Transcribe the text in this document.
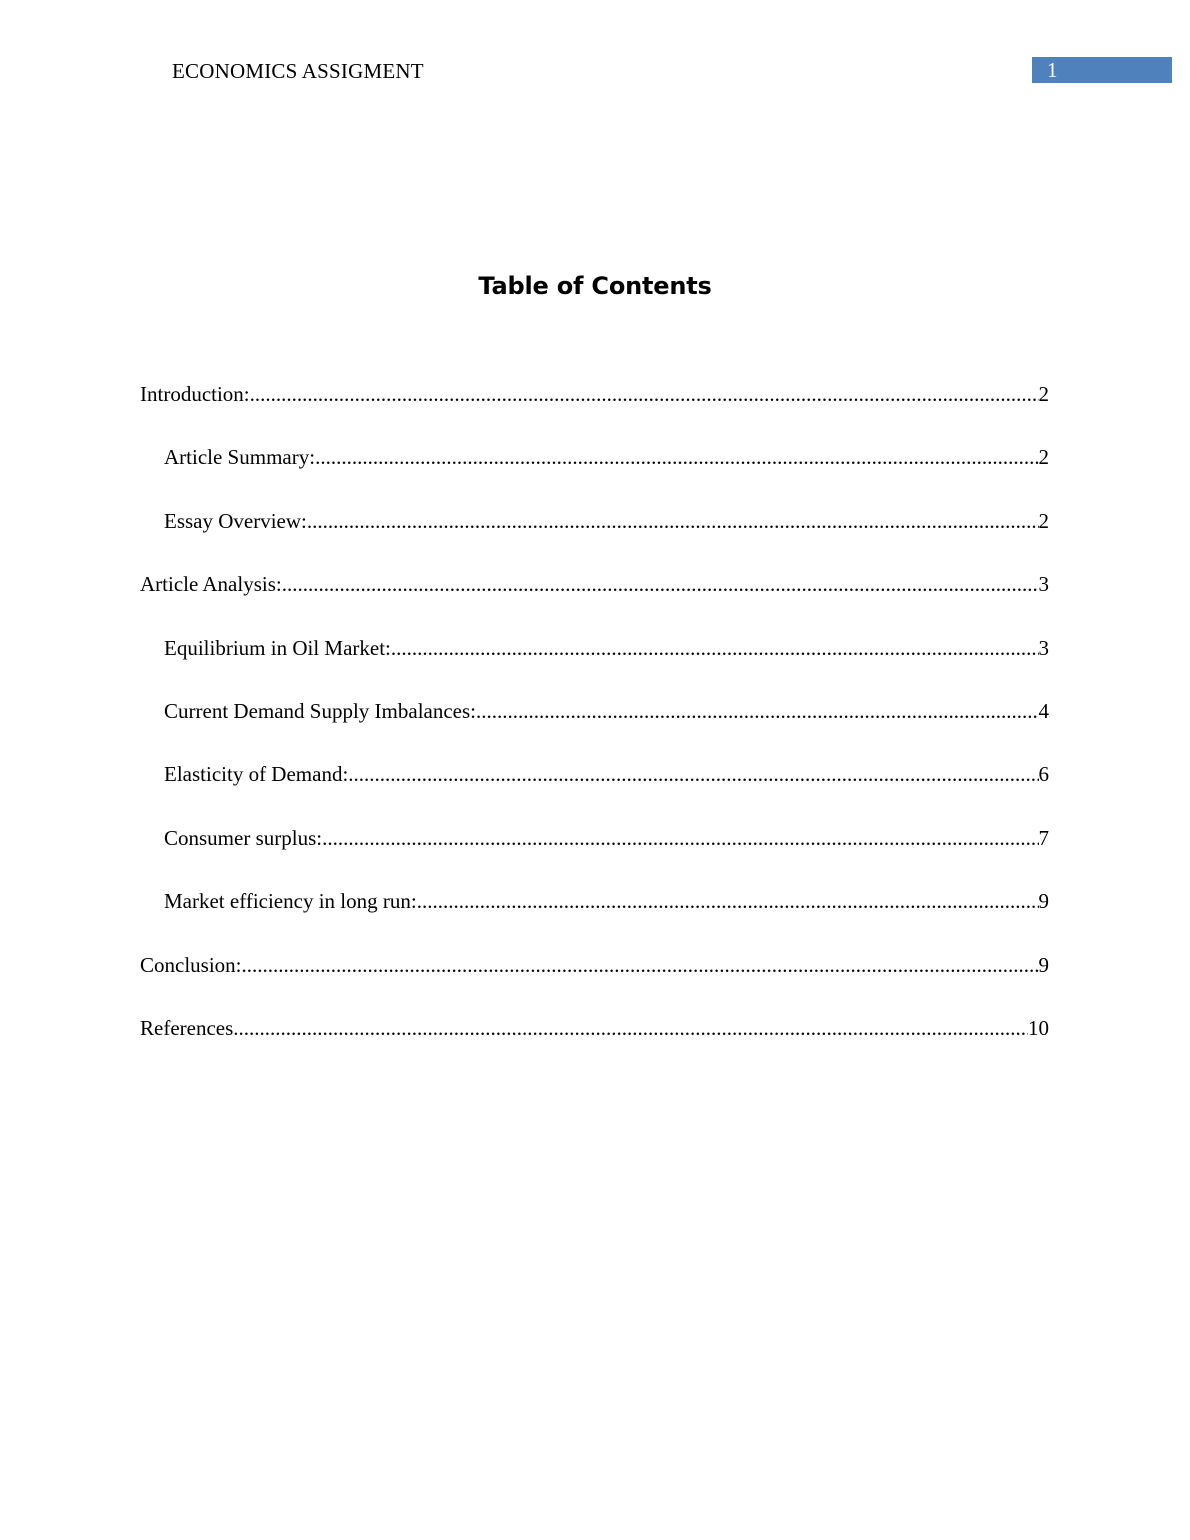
ECONOMICS ASSIGMENT	1
Table of Contents
Introduction: .....	2
Article Summary: .....	2
Essay Overview: .....	2
Article Analysis: .....	3
Equilibrium in Oil Market: .....	3
Current Demand Supply Imbalances: .....	4
Elasticity of Demand: .....	6
Consumer surplus: .....	7
Market efficiency in long run: .....	9
Conclusion: .....	9
References .....	10
